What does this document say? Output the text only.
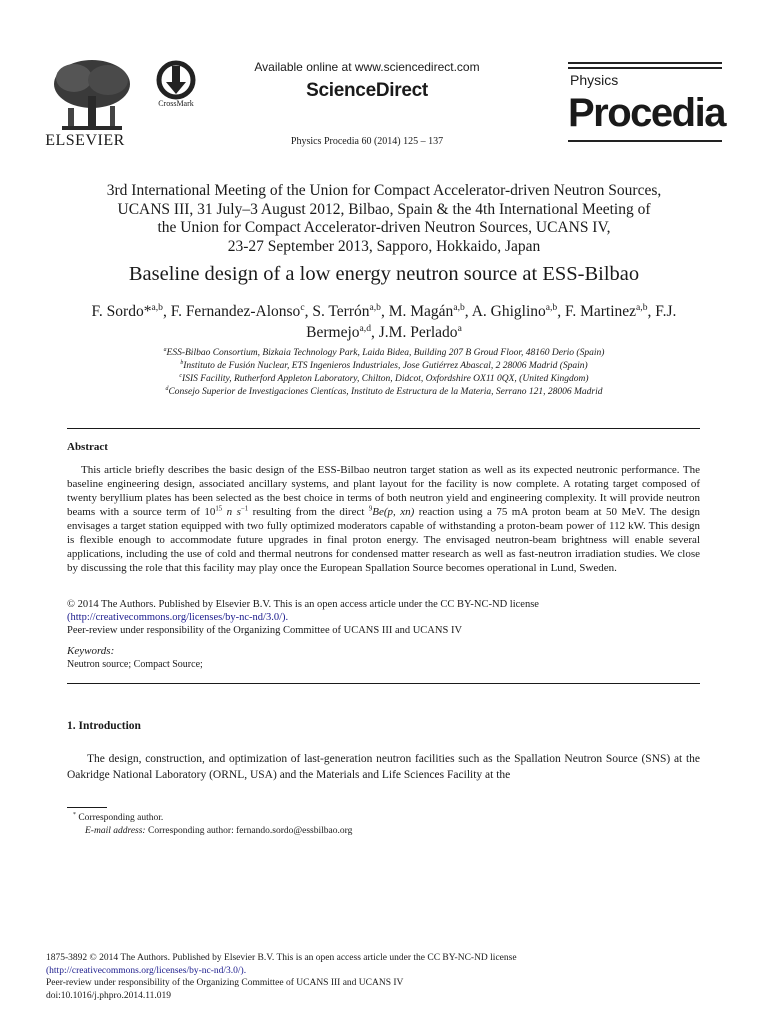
ELSEVIER
CrossMark
Available online at www.sciencedirect.com
ScienceDirect
Physics Procedia 60 (2014) 125 – 137
Physics
Procedia
3rd International Meeting of the Union for Compact Accelerator-driven Neutron Sources,
UCANS III, 31 July–3 August 2012, Bilbao, Spain & the 4th International Meeting of
the Union for Compact Accelerator-driven Neutron Sources, UCANS IV,
23-27 September 2013, Sapporo, Hokkaido, Japan
Baseline design of a low energy neutron source at ESS-Bilbao
F. Sordo*$^{a,b}$, F. Fernandez-Alonso$^c$, S. Terrón$^{a,b}$, M. Magán$^{a,b}$, A. Ghiglino$^{a,b}$, F. Martinez$^{a,b}$, F.J. Bermejo$^{a,d}$, J.M. Perlado$^a$
$^a$ESS-Bilbao Consortium, Bizkaia Technology Park, Laida Bidea, Building 207 B Groud Floor, 48160 Derio (Spain)
$^b$Instituto de Fusión Nuclear, ETS Ingenieros Industriales, Jose Gutiérrez Abascal, 2 28006 Madrid (Spain)
$^c$ISIS Facility, Rutherford Appleton Laboratory, Chilton, Didcot, Oxfordshire OX11 0QX, (United Kingdom)
$^d$Consejo Superior de Investigaciones Cientícas, Instituto de Estructura de la Materia, Serrano 121, 28006 Madrid
Abstract
This article briefly describes the basic design of the ESS-Bilbao neutron target station as well as its expected neutronic performance. The baseline engineering design, associated ancillary systems, and plant layout for the facility is now complete. A rotating target composed of twenty beryllium plates has been selected as the best choice in terms of both neutron yield and engineering complexity. It will provide neutron beams with a source term of $10^{15}$ n $s^{-1}$ resulting from the direct $^9$Be(p, xn) reaction using a 75 mA proton beam at 50 MeV. The design envisages a target station equipped with two fully optimized moderators capable of withstanding a proton-beam power of 112 kW. This design is flexible enough to accommodate future upgrades in final proton energy. The envisaged neutron-beam brightness will enable several applications, including the use of cold and thermal neutrons for condensed matter research as well as fast-neutron irradiation studies. We close by discussing the role that this facility may play once the European Spallation Source becomes operational in Lund, Sweden.
© 2014 The Authors. Published by Elsevier B.V. This is an open access article under the CC BY-NC-ND license
(http://creativecommons.org/licenses/by-nc-nd/3.0/).
Peer-review under responsibility of the Organizing Committee of UCANS III and UCANS IV
Keywords:
Neutron source; Compact Source;
1. Introduction
The design, construction, and optimization of last-generation neutron facilities such as the Spallation Neutron Source (SNS) at the Oakridge National Laboratory (ORNL, USA) and the Materials and Life Sciences Facility at the
* Corresponding author.
E-mail address: Corresponding author: fernando.sordo@essbilbao.org
1875-3892 © 2014 The Authors. Published by Elsevier B.V. This is an open access article under the CC BY-NC-ND license
(http://creativecommons.org/licenses/by-nc-nd/3.0/).
Peer-review under responsibility of the Organizing Committee of UCANS III and UCANS IV
doi:10.1016/j.phpro.2014.11.019
